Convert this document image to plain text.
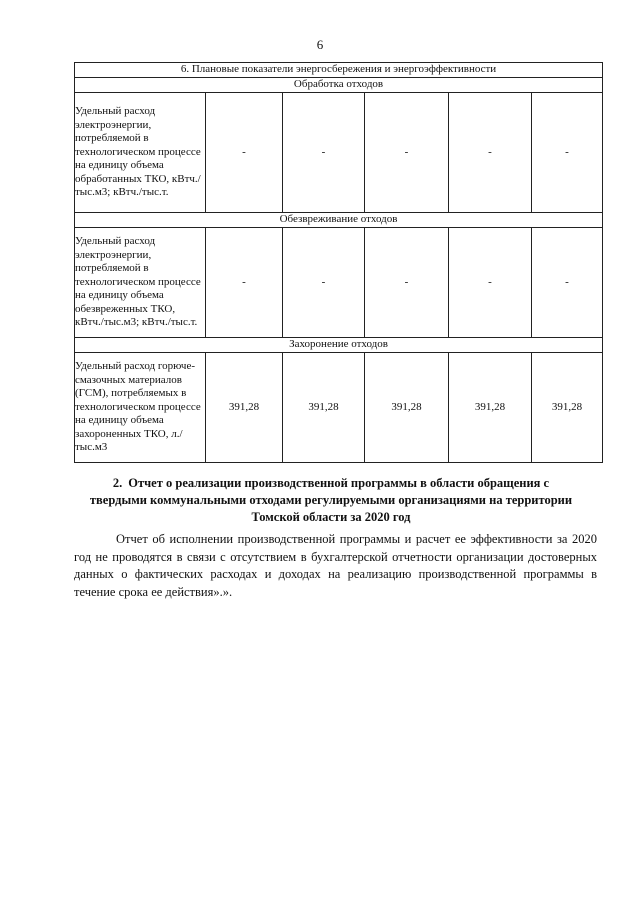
6
6. Плановые показатели энергосбережения и энергоэффективности					
Обработка отходов					
Удельный расход электроэнергии, потребляемой в технологическом процессе на единицу объема обработанных ТКО, кВтч./тыс.м3; кВтч./тыс.т.	-	-	-	-	-
Обезвреживание отходов					
Удельный расход электроэнергии, потребляемой в технологическом процессе на единицу объема обезвреженных ТКО, кВтч./тыс.м3; кВтч./тыс.т.	-	-	-	-	-
Захоронение отходов					
Удельный расход горюче-смазочных материалов (ГСМ), потребляемых в технологическом процессе на единицу объема захороненных ТКО, л./тыс.м3	391,28	391,28	391,28	391,28	391,28
2. Отчет о реализации производственной программы в области обращения с твердыми коммунальными отходами регулируемыми организациями на территории Томской области за 2020 год

Отчет об исполнении производственной программы и расчет ее эффективности за 2020 год не проводятся в связи с отсутствием в бухгалтерской отчетности организации достоверных данных о фактических расходах и доходах на реализацию производственной программы в течение срока ее действия».».
